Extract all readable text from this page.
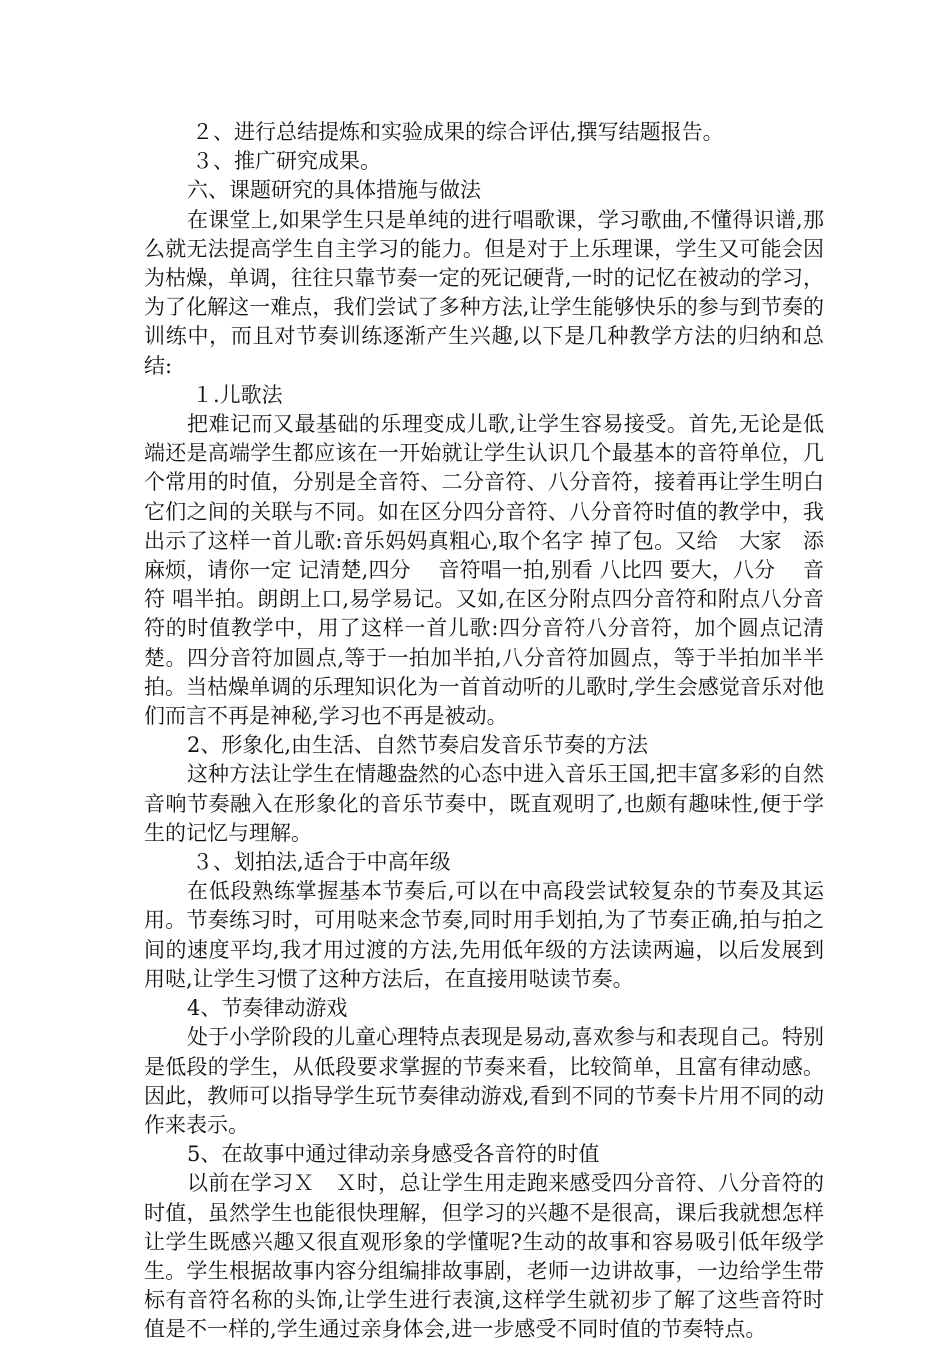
２、进行总结提炼和实验成果的综合评估,撰写结题报告。

３、推广研究成果。

六、课题研究的具体措施与做法

在课堂上,如果学生只是单纯的进行唱歌课，学习歌曲,不懂得识谱,那么就无法提高学生自主学习的能力。但是对于上乐理课，学生又可能会因为枯燥，单调，往往只靠节奏一定的死记硬背,一时的记忆在被动的学习，为了化解这一难点，我们尝试了多种方法,让学生能够快乐的参与到节奏的训练中，而且对节奏训练逐渐产生兴趣,以下是几种教学方法的归纳和总结:

１.儿歌法

把难记而又最基础的乐理变成儿歌,让学生容易接受。首先,无论是低端还是高端学生都应该在一开始就让学生认识几个最基本的音符单位，几个常用的时值，分别是全音符、二分音符、八分音符，接着再让学生明白它们之间的关联与不同。如在区分四分音符、八分音符时值的教学中，我出示了这样一首儿歌:音乐妈妈真粗心,取个名字 掉了包。又给　大家　添麻烦，请你一定 记清楚,四分　 音符唱一拍,别看 八比四 要大，八分　 音符 唱半拍。朗朗上口,易学易记。又如,在区分附点四分音符和附点八分音符的时值教学中，用了这样一首儿歌:四分音符八分音符，加个圆点记清楚。四分音符加圆点,等于一拍加半拍,八分音符加圆点，等于半拍加半半拍。当枯燥单调的乐理知识化为一首首动听的儿歌时,学生会感觉音乐对他们而言不再是神秘,学习也不再是被动。

2、形象化,由生活、自然节奏启发音乐节奏的方法

这种方法让学生在情趣盎然的心态中进入音乐王国,把丰富多彩的自然音响节奏融入在形象化的音乐节奏中，既直观明了,也颇有趣味性,便于学生的记忆与理解。

３、划拍法,适合于中高年级

在低段熟练掌握基本节奏后,可以在中高段尝试较复杂的节奏及其运用。节奏练习时，可用哒来念节奏,同时用手划拍,为了节奏正确,拍与拍之间的速度平均,我才用过渡的方法,先用低年级的方法读两遍，以后发展到用哒,让学生习惯了这种方法后，在直接用哒读节奏。

4、节奏律动游戏

处于小学阶段的儿童心理特点表现是易动,喜欢参与和表现自己。特别是低段的学生，从低段要求掌握的节奏来看，比较简单，且富有律动感。因此，教师可以指导学生玩节奏律动游戏,看到不同的节奏卡片用不同的动作来表示。

5、在故事中通过律动亲身感受各音符的时值

以前在学习Ｘ　Ｘ时，总让学生用走跑来感受四分音符、八分音符的时值，虽然学生也能很快理解，但学习的兴趣不是很高，课后我就想怎样让学生既感兴趣又很直观形象的学懂呢?生动的故事和容易吸引低年级学生。学生根据故事内容分组编排故事剧，老师一边讲故事，一边给学生带标有音符名称的头饰,让学生进行表演,这样学生就初步了解了这些音符时值是不一样的,学生通过亲身体会,进一步感受不同时值的节奏特点。
